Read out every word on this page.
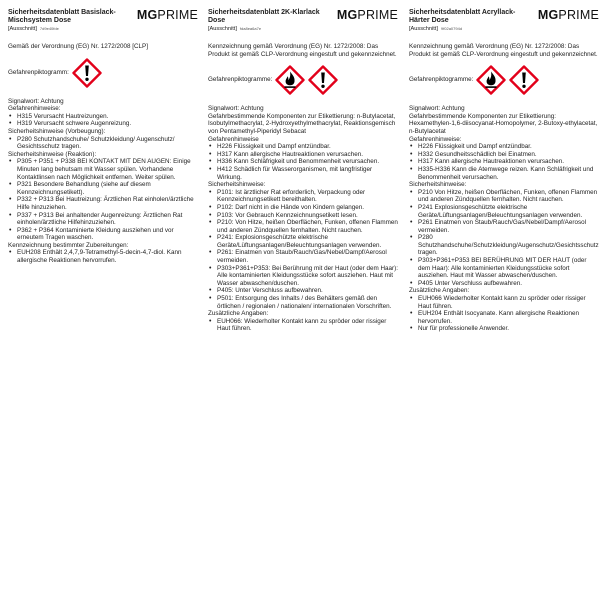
Sicherheitsdatenblatt Basislack-Mischsystem Dose
[Ausschnitt] 7d9e40fde
MGPRIME

Gemäß der Verordnung (EG) Nr. 1272/2008 [CLP]

Gefahrenpiktogramm:

Signalwort: Achtung

Gefahrenhinweise:

• H315 Verursacht Hautreizungen.
• H319 Verursacht schwere Augenreizung.

Sicherheitshinweise (Vorbeugung):

• P280 Schutzhandschuhe/ Schutzkleidung/ Augenschutz/ Gesichtsschutz tragen.

Sicherheitshinweise (Reaktion):

• P305 + P351 + P338 BEI KONTAKT MIT DEN AUGEN: Einige Minuten lang behutsam mit Wasser spülen. Vorhandene Kontaktlinsen nach Möglichkeit entfernen. Weiter spülen.
• P321 Besondere Behandlung (siehe auf diesem Kennzeichnungsetikett).
• P332 + P313 Bei Hautreizung: Ärztlichen Rat einholen/ärztliche Hilfe hinzuziehen.
• P337 + P313 Bei anhaltender Augenreizung: Ärztlichen Rat einholen/ärztliche Hilfehinzuziehen.
• P362 + P364 Kontaminierte Kleidung ausziehen und vor erneutem Tragen waschen.

Kennzeichnung bestimmter Zubereitungen:

• EUH208 Enthält 2,4,7,9-Tetramethyl-5-decin-4,7-diol. Kann allergische Reaktionen hervorrufen.
Sicherheitsdatenblatt 2K-Klarlack Dose
[Ausschnitt] fda8ea6a7e
MGPRIME

Kennzeichnung gemäß Verordnung (EG) Nr. 1272/2008: Das Produkt ist gemäß CLP-Verordnung eingestuft und gekennzeichnet.

Gefahrenpiktogramme:

Signalwort: Achtung

Gefahrbestimmende Komponenten zur Etikettierung: n-Butylacetat, Isobutylmethacrylat, 2-Hydroxyethylmethacrylat, Reaktionsgemisch von Pentamethyl-Piperidyl Sebacat

Gefahrenhinweise

• H226 Flüssigkeit und Dampf entzündbar.
• H317 Kann allergische Hautreaktionen verursachen.
• H336 Kann Schläfrigkeit und Benommenheit verursachen.
• H412 Schädlich für Wasserorganismen, mit langfristiger Wirkung.

Sicherheitshinweise:

• P101: Ist ärztlicher Rat erforderlich, Verpackung oder Kennzeichnungsetikett bereithalten.
• P102: Darf nicht in die Hände von Kindern gelangen.
• P103: Vor Gebrauch Kennzeichnungsetikett lesen.
• P210: Von Hitze, heißen Oberflächen, Funken, offenen Flammen und anderen Zündquellen fernhalten. Nicht rauchen.
• P241: Explosionsgeschützte elektrische Geräte/Lüftungsanlagen/Beleuchtungsanlagen verwenden.
• P261: Einatmen von Staub/Rauch/Gas/Nebel/Dampf/Aerosol vermeiden.
• P303+P361+P353: Bei Berührung mit der Haut (oder dem Haar): Alle kontaminierten Kleidungsstücke sofort ausziehen. Haut mit Wasser abwaschen/duschen.
• P405: Unter Verschluss aufbewahren.
• P501: Entsorgung des Inhalts / des Behälters gemäß den örtlichen / regionalen / nationalen/ internationalen Vorschriften.

Zusätzliche Angaben:

• EUH066: Wiederholter Kontakt kann zu spröder oder rissiger Haut führen.
Sicherheitsdatenblatt Acryllack-Härter Dose
[Ausschnitt] 9f02a0794d
MGPRIME

Kennzeichnung gemäß Verordnung (EG) Nr. 1272/2008: Das Produkt ist gemäß CLP-Verordnung eingestuft und gekennzeichnet.

Gefahrenpiktogramme:

Signalwort: Achtung

Gefahrbestimmende Komponenten zur Etikettierung: Hexamethylen-1,6-diisocyanat-Homopolymer, 2-Butoxy-ethylacetat, n-Butylacetat

Gefahrenhinweise:

• H226 Flüssigkeit und Dampf entzündbar.
• H332 Gesundheitsschädlich bei Einatmen.
• H317 Kann allergische Hautreaktionen verursachen.
• H335-H336 Kann die Atemwege reizen. Kann Schläfrigkeit und Benommenheit verursachen.

Sicherheitshinweise:

• P210 Von Hitze, heißen Oberflächen, Funken, offenen Flammen und anderen Zündquellen fernhalten. Nicht rauchen.
• P241 Explosionsgeschützte elektrische Geräte/Lüftungsanlagen/Beleuchtungsanlagen verwenden.
• P261 Einatmen von Staub/Rauch/Gas/Nebel/Dampf/Aerosol vermeiden.
• P280 Schutzhandschuhe/Schutzkleidung/Augenschutz/Gesichtsschutz tragen.
• P303+P361+P353 BEI BERÜHRUNG MIT DER HAUT (oder dem Haar): Alle kontaminierten Kleidungsstücke sofort ausziehen. Haut mit Wasser abwaschen/duschen.
• P405 Unter Verschluss aufbewahren.

Zusätzliche Angaben:

• EUH066 Wiederholter Kontakt kann zu spröder oder rissiger Haut führen.
• EUH204 Enthält Isocyanate. Kann allergische Reaktionen hervorrufen.
• Nur für professionelle Anwender.
